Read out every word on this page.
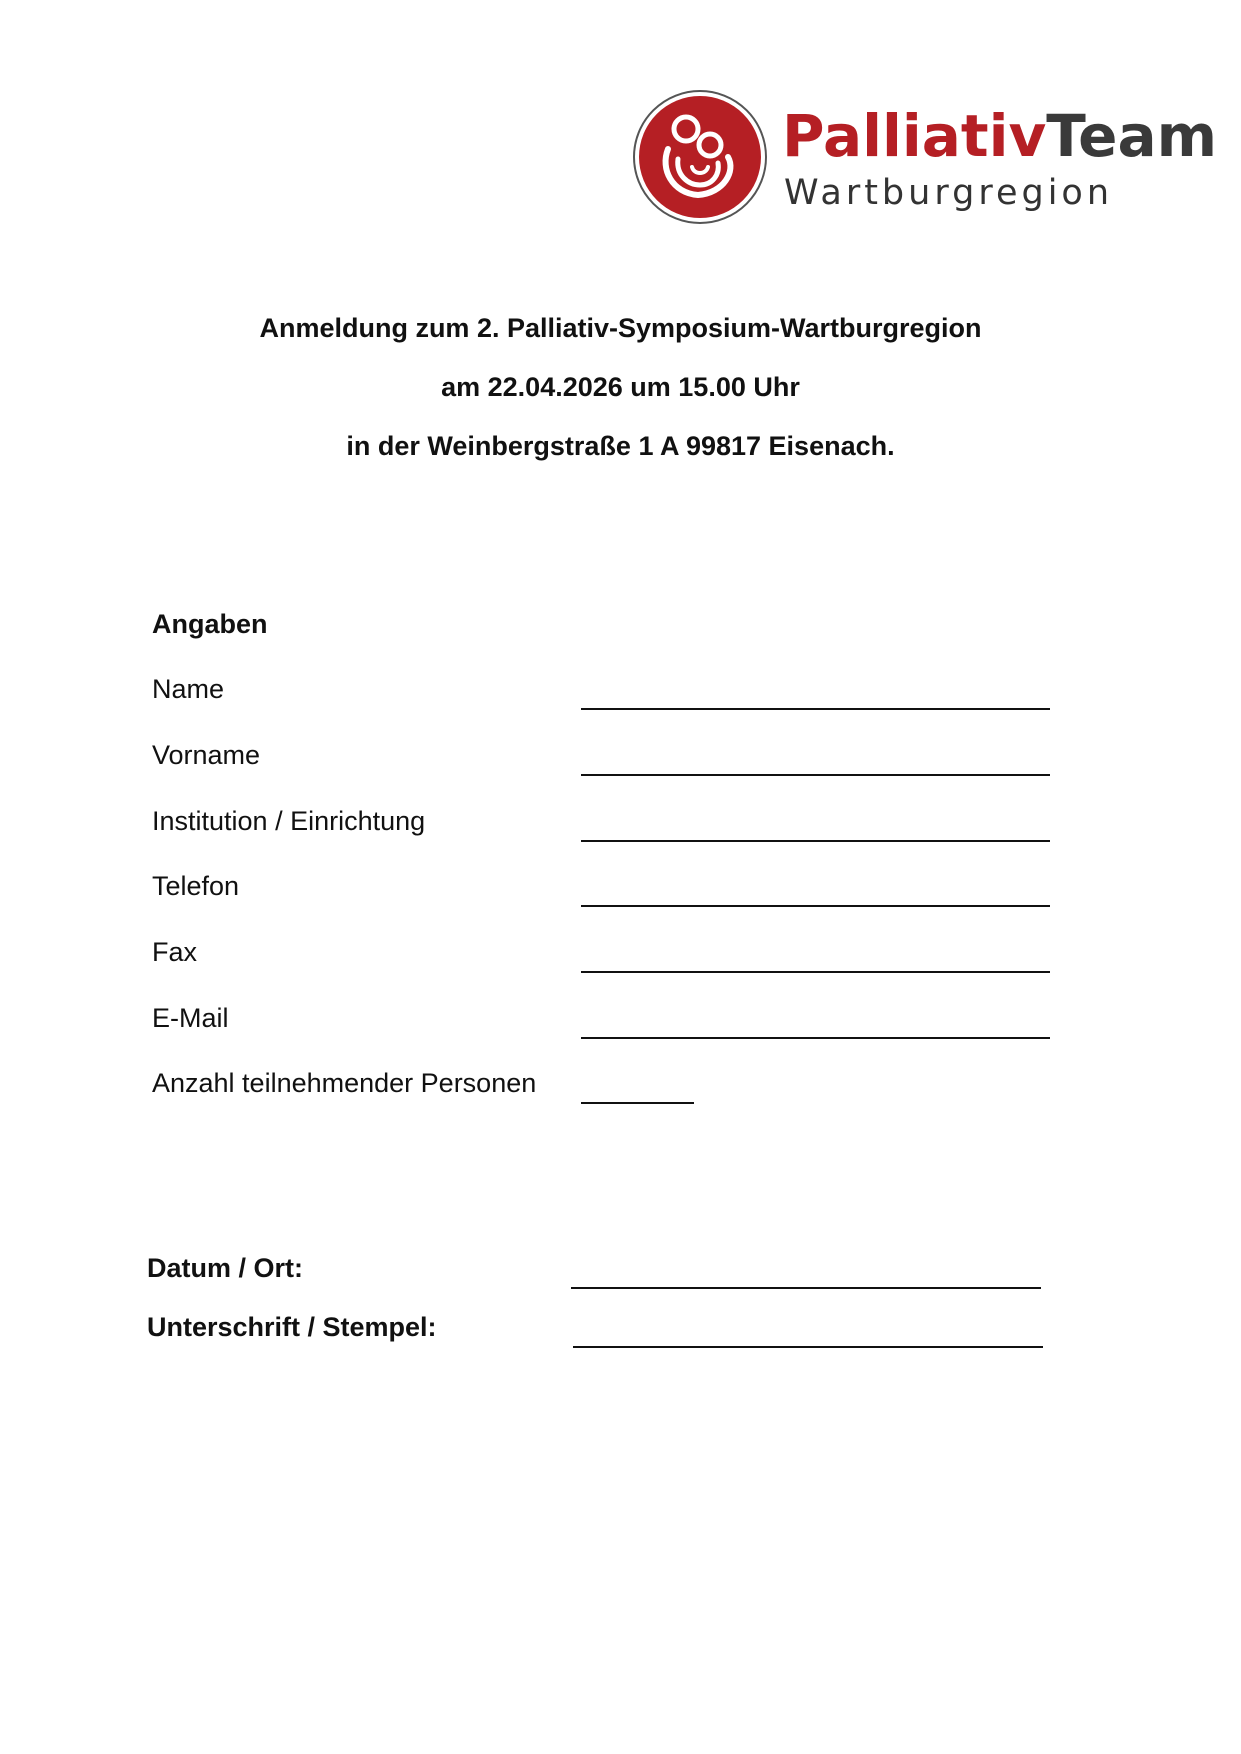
PalliativTeam
Wartburgregion

Anmeldung zum 2. Palliativ-Symposium-Wartburgregion

am 22.04.2026 um 15.00 Uhr

in der Weinbergstraße 1 A 99817 Eisenach.

Angaben

Name
Vorname
Institution / Einrichtung
Telefon
Fax
E-Mail
Anzahl teilnehmender Personen
Datum / Ort:
Unterschrift / Stempel:
